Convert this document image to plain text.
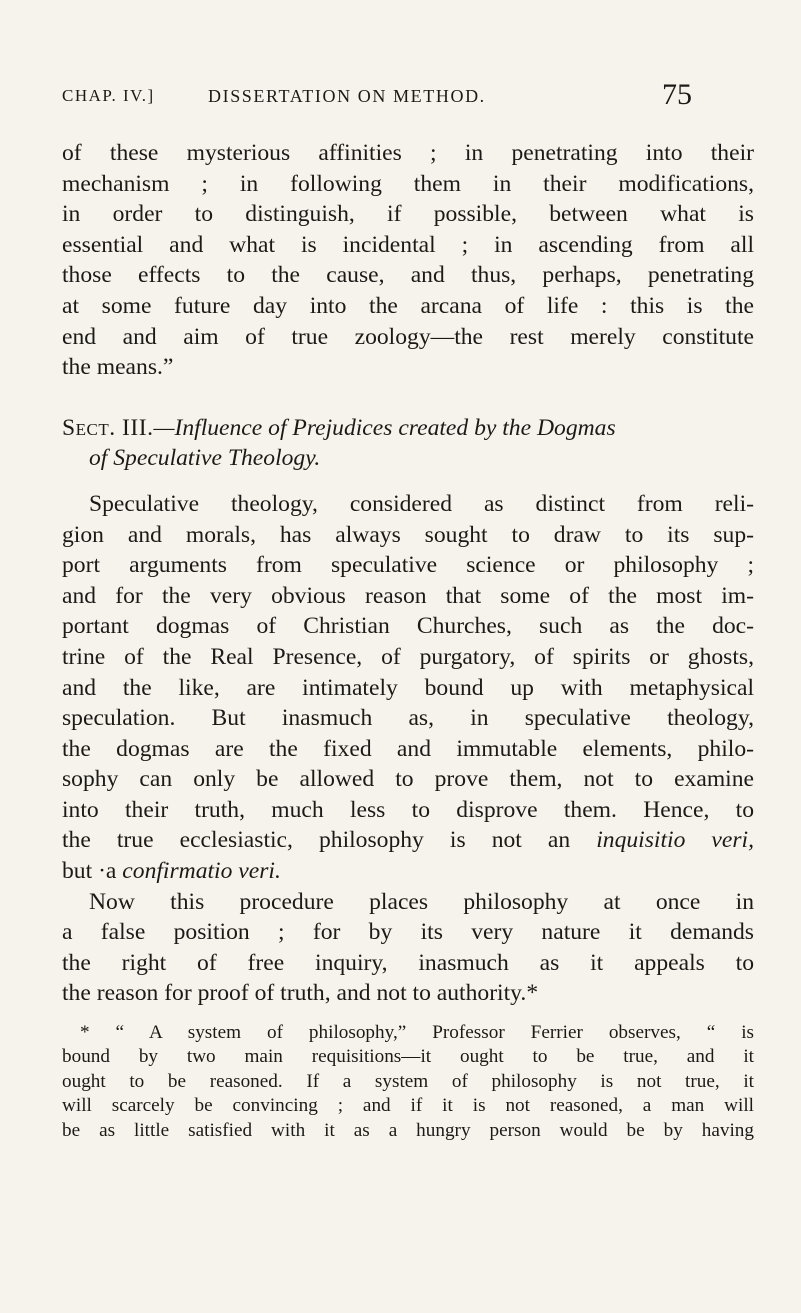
CHAP. IV.]	DISSERTATION ON METHOD.	75
of these mysterious affinities ; in penetrating into their
mechanism ; in following them in their modifications,
in order to distinguish, if possible, between what is
essential and what is incidental ; in ascending from all
those effects to the cause, and thus, perhaps, penetrating
at some future day into the arcana of life : this is the
end and aim of true zoology—the rest merely constitute
the means.”
Sect. III.—Influence of Prejudices created by the Dogmas
of Speculative Theology.
Speculative theology, considered as distinct from reli-
gion and morals, has always sought to draw to its sup-
port arguments from speculative science or philosophy ;
and for the very obvious reason that some of the most im-
portant dogmas of Christian Churches, such as the doc-
trine of the Real Presence, of purgatory, of spirits or ghosts,
and the like, are intimately bound up with metaphysical
speculation. But inasmuch as, in speculative theology,
the dogmas are the fixed and immutable elements, philo-
sophy can only be allowed to prove them, not to examine
into their truth, much less to disprove them. Hence, to
the true ecclesiastic, philosophy is not an inquisitio veri,
but ·a confirmatio veri.
Now this procedure places philosophy at once in
a false position ; for by its very nature it demands
the right of free inquiry, inasmuch as it appeals to
the reason for proof of truth, and not to authority.*
* “ A system of philosophy,” Professor Ferrier observes, “ is
bound by two main requisitions—it ought to be true, and it
ought to be reasoned. If a system of philosophy is not true, it
will scarcely be convincing ; and if it is not reasoned, a man will
be as little satisfied with it as a hungry person would be by having
